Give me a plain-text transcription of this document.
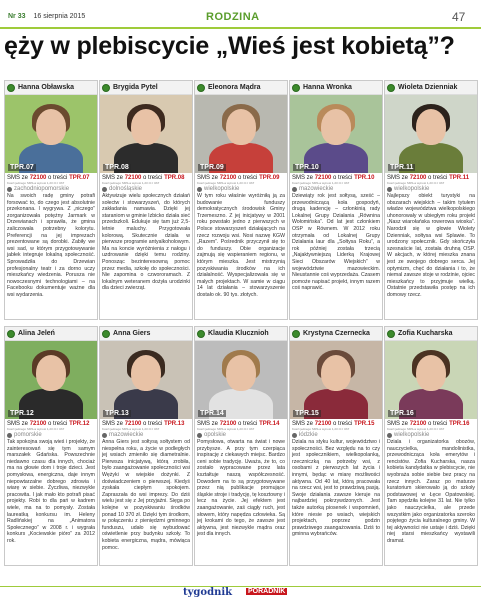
Nr 33 16 sierpnia 2015	RODZINA	47
ęży w plebiscycie „Wieś jest kobietą”?
Hanna Obławska
TPR.07
SMS ze 72100 o treści TPR.07
Koszt jednego SMS-a wynosi 1,23 zł z VAT
zachodniopomorskie
Na swoich radę gminy potrafi forsować to, do czego jest absolutnie przekonana. I wygrywa. Z „niczego” zorganizowała potężny Jarmark w Drzewianach i sprawiła, że gmina zaliczowała potrzebny kolorytu. Preferencji na jej imprezach prezentowane są dorobki. Zabiły we wsi sad, w którym przygotowywanie jabłek integruje lokalną społeczność. Sprowadziła do Drzewian profesjonalny teatr i za dorno uczy mieszkańcy wiedzenia. Porusza nie nowoczesnymi technologiami – na Facebooku dokumentuje ważne dla wsi wydarzenia.
Brygida Pytel
TPR.08
SMS ze 72100 o treści TPR.08
Koszt jednego SMS-a wynosi 1,23 zł z VAT
dolnośląskie
Aktywizuje wielu społecznych działań sołectw i stowarzyszeń, do których zakładania namawia. Dzięki jej staraniom w gminie Izbicko działa sieć przedszkoli. Edukuje się tam już 2,5-letnie maluchy. Przygotowała kolorową. Skutecznie działa w pierwsze programie antyalkoholowym. Ma na koncie wyróżnienia z nałogu i uzdrowanie dzięki temu rodziny. Ponosząc bezinteresowną pomoc przez media, szkołę do społeczności. Nie zapomina o czwororamach. Z lokalnym weteranem dożyła urodzinki dla dzieci zwierząt.
Eleonora Mądra
TPR.09
SMS ze 72100 o treści TPR.09
Koszt jednego SMS-a wynosi 1,23 zł z VAT
wielkopolskie
W tym roku właśnie wyróżniłą ją za budowanie funduszy demokratycznych środowisk Gminy Trzemeszno. Z jej inicjatywy w 2001 roku powstało jedno z pierwszych w Polsce stowarzyszeń działających na rzecz rozwoju wsi. Nosi nazwę KGW „Razem”. Pośrednik przyczynił się to do funduszy. Obie organizacje zajmują się wspieraniem regionu, w którym mieszka. Jest mistrzynią pozyskiwania środków na ich działalność. Wyspecjalizowała się w małych projektach. W samie w ciągu 14 lat działania – stowarzyszenie dostało ok. 90 tys. złotych.
Hanna Wronka
TPR.10
SMS ze 72100 o treści TPR.10
Koszt jednego SMS-a wynosi 1,23 zł z VAT
mazowieckie
Dziewiąty rok jest sołtysą, sześć – przewodniczącą koła gospodyń, drugą kadencję – członkinią rady Lokalnej Grupy Działania „Równina Wołomińska”. Od lat jest członkiem OSP w Równem. W 2012 roku otrzymała od Lokalnej Grupy Działania laur dla „Sołtysa Roku”, a rok później została trzecią „Najaktywniejszą Liderką Krajowej Sieci Obszarów Wiejskich” w województwie mazowieckim. Nieustannie coś wyprzedaża. Czasem pomoże napisać projekt, innym razem coś naprawić.
Wioleta Dzienniak
TPR.11
SMS ze 72100 o treści TPR.11
Koszt jednego SMS-a wynosi 1,23 zł z VAT
wielkopolskie
Najlepszy obiekt turystyki na obszarach wiejskich – takim tytułem władze województwa wielkopolskiego uhonorowały w ubiegłym roku projekt „Nasz wiarołańska rowerowa wioska”. Narodził się w głowie Wiolety Dzienniak, sołtysa wsi Splawie. To urodzony społecznik. Gdy skończyła szesnaście lat, została druhną OSP. W akcjach, w której mieszka znana jest ze swojego dobrego serca. Jej optymizm, chęć do działania i to, że niemal zawsze stoje w rodzinie, ojciec mieszkańcy to przyjmuje wielką. Ostatnie przedstawiła postęp na ich domowy rzecz.
Alina Jeleń
TPR.12
SMS ze 72100 o treści TPR.12
Koszt jednego SMS-a wynosi 1,23 zł z VAT
pomorskie
Tak spokojna swoją wieś i projekty, że zainteresowań się tym samym marszałek Gdańska. Powszechnie niedawno czasu dla innych, chociaż ma na głowie dom i troje dzieci. Jest pomysłowa, energiczna, daje innym niepowtarzalne dobrego zdrowia i wiarę w siebie. Życzliwa, niezwykle pracowita. I jak mało kto potrafi pisać projekty. Robi to dla pań w kadrem wiele, ma na to pomysły. Została laureatką konkursu im. Heleny Radlińskiej na „Animatora Społecznego” w 2008 r. i wygrała konkurs „Kociewskie pióro” za 2012 rok.
Anna Giers
TPR.13
SMS ze 72100 o treści TPR.13
Koszt jednego SMS-a wynosi 1,23 zł z VAT
mazowieckie
Anna Giers jest sołtysą sołtystem od niespełna roku, a życie w podległych jej wsiach zmieniło się diametralnie. Pierwsza inicjatywą, którą zrobiła, było zaangażowanie społeczności wsi Wężyki w wiejskie dożynki. Z doświadczeniem o pierwszej. Kiedyś zyskała ciepłym spokojem. Zapraszała do wsi imprezy. Do dziś wielu jest się z Jej przyjaźni. Sięga po kolejne w pozyskiwaniu środków ponad 10 370 zł. Dzięki tym środkom, w połączeniu z pieniędzmi gminnego funduszu, udało się wybudować oświetlenie przy budynku szkoły. To kobieta energiczna, mądra, mówiąca pomoc.
Klaudia Klucznioh
TPR.14
SMS ze 72100 o treści TPR.14
Koszt jednego SMS-a wynosi 1,23 zł z VAT
opolskie
Pomysłowa, otwarta na świat i nowe przybysze. A przy tym czerpiąca inspirację z ciekawych miejsc. Bardzo ceni sobie tradycję. Uważa, że to, co zostało wypracowane przez lata kształtuje naszą współczesność. Dowodem na to są przygotowywane przez nią publikacje promujące śląskie stroje i tradycję, tę kosztowny i lecz na życie. Jej efektem jest zaangażowanie, zaś ciągły ruch, jest słowem, który napędza człowieka. Są jej krokami do tego, że zawsze jest aktywna, jest niezwykle mądra oraz jest dla innych.
Krystyna Czernecka
TPR.15
SMS ze 72100 o treści TPR.15
Koszt jednego SMS-a wynosi 1,23 zł z VAT
łódzkie
Dziala na styku kultur, województwo i społeczności. Bez względu na to czy jest społecznikiem, wielkopolanką, rzeczniczką na potrzeby wsi, z osobami z pierwszych lat życia i innymi, będąc w miarę możliwości aktywna. Od 40 lat, którą pracowała na rzecz wsi, jest to prawdziwą pasją. Swoje działania zawsze kieruje na najbardziej pokrzywdzonych. Jest także autorką piosenek i wspomnień, które niesie po wsiach, wiejskich projektach, poprzez godzin prawdziwego zaangażowania. Dziś to gminna wybrańców.
Zofia Kucharska
TPR.16
SMS ze 72100 o treści TPR.16
Koszt jednego SMS-a wynosi 1,23 zł z VAT
wielkopolskie
Dziala i organizatorka obozów, nauczycielka, mandolinistka, przewodnicząca koła emerytów i rencistów. Zofia Kucharska, nasza kobieta kandydatka w plebiscycie, nie wyobraża sobie siebie bez pracy na rzecz innych. Zaraz po maturze kuratorium skierowało ją do szkoły podstawowej w Łęce Opatowskiej. Tam spędziła kolejne 31 lat. Nie tylko jako nauczycielka, ale przede wszystkim jako organizatorka szeroko pojętego życia kulturalnego gminy. W tej aktywności nie ustaje i dziś. Dzięki niej starsi mieszkańcy wystawili dramat.
tygodnik PORADNIK
